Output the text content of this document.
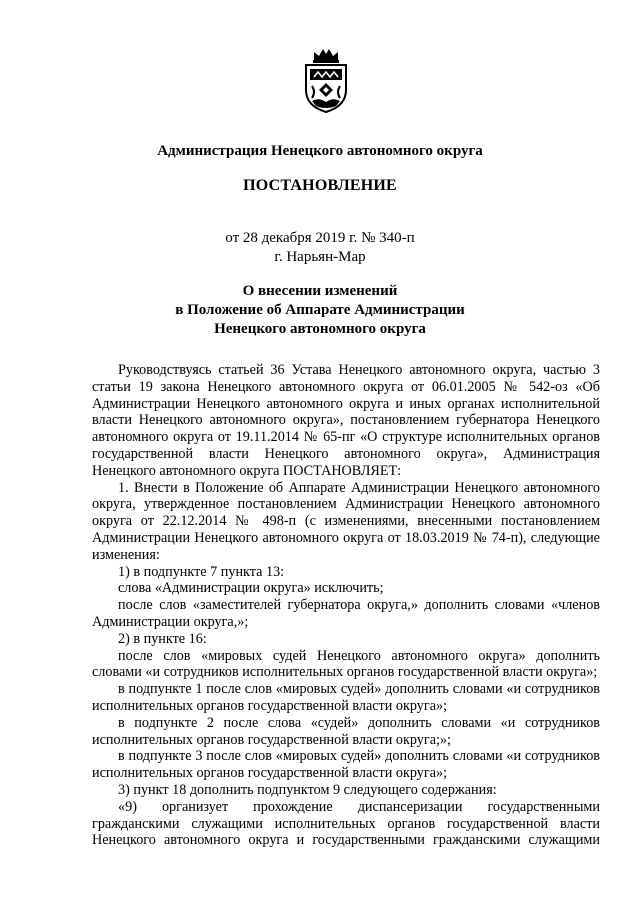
Администрация Ненецкого автономного округа
ПОСТАНОВЛЕНИЕ
от 28 декабря 2019 г. № 340-п
г. Нарьян-Мар
О внесении изменений
в Положение об Аппарате Администрации
Ненецкого автономного округа

Руководствуясь статьей 36 Устава Ненецкого автономного округа, частью 3 статьи 19 закона Ненецкого автономного округа от 06.01.2005 № 542-оз «Об Администрации Ненецкого автономного округа и иных органах исполнительной власти Ненецкого автономного округа», постановлением губернатора Ненецкого автономного округа от 19.11.2014 № 65-пг «О структуре исполнительных органов государственной власти Ненецкого автономного округа», Администрация Ненецкого автономного округа ПОСТАНОВЛЯЕТ:

1. Внести в Положение об Аппарате Администрации Ненецкого автономного округа, утвержденное постановлением Администрации Ненецкого автономного округа от 22.12.2014 № 498-п (с изменениями, внесенными постановлением Администрации Ненецкого автономного округа от 18.03.2019 № 74-п), следующие изменения:

1) в подпункте 7 пункта 13:

слова «Администрации округа» исключить;

после слов «заместителей губернатора округа,» дополнить словами «членов Администрации округа,»;

2) в пункте 16:

после слов «мировых судей Ненецкого автономного округа» дополнить словами «и сотрудников исполнительных органов государственной власти округа»;

в подпункте 1 после слов «мировых судей» дополнить словами «и сотрудников исполнительных органов государственной власти округа»;

в подпункте 2 после слова «судей» дополнить словами «и сотрудников исполнительных органов государственной власти округа;»;

в подпункте 3 после слов «мировых судей» дополнить словами «и сотрудников исполнительных органов государственной власти округа»;

3) пункт 18 дополнить подпунктом 9 следующего содержания:

«9) организует прохождение диспансеризации государственными гражданскими служащими исполнительных органов государственной власти Ненецкого автономного округа и государственными гражданскими служащими
